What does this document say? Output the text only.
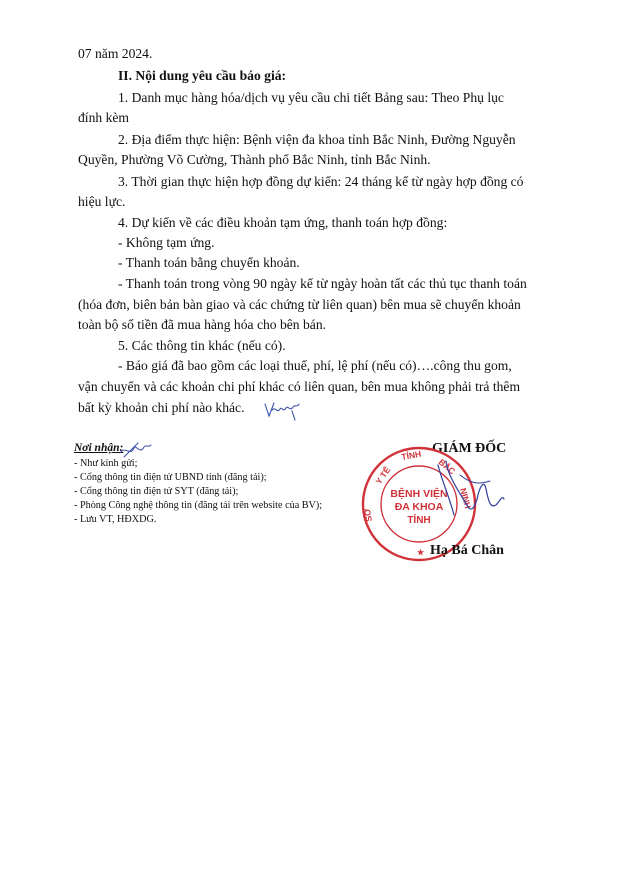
07 năm 2024.

II. Nội dung yêu cầu báo giá:

1. Danh mục hàng hóa/dịch vụ yêu cầu chi tiết Bảng sau: Theo Phụ lục

đính kèm

2. Địa điểm thực hiện: Bệnh viện đa khoa tỉnh Bắc Ninh, Đường Nguyễn

Quyền, Phường Võ Cường, Thành phố Bắc Ninh, tỉnh Bắc Ninh.

3. Thời gian thực hiện hợp đồng dự kiến: 24 tháng kể từ ngày hợp đồng có

hiệu lực.

4. Dự kiến về các điều khoản tạm ứng, thanh toán hợp đồng:

- Không tạm ứng.

- Thanh toán bằng chuyển khoản.

- Thanh toán trong vòng 90 ngày kể từ ngày hoàn tất các thủ tục thanh toán

(hóa đơn, biên bản bàn giao và các chứng từ liên quan) bên mua sẽ chuyển khoản

toàn bộ số tiền đã mua hàng hóa cho bên bán.

5. Các thông tin khác (nếu có).

- Báo giá đã bao gồm các loại thuế, phí, lệ phí (nếu có)….công thu gom,

vận chuyển và các khoản chi phí khác có liên quan, bên mua không phải trả thêm

bất kỳ khoản chi phí nào khác.

Nơi nhận:

- Như kính gửi;

- Cổng thông tin điện tử UBND tỉnh (đăng tải);

- Cổng thông tin điện tử SYT (đăng tải);

- Phòng Công nghệ thông tin (đăng tải trên website của BV);

- Lưu VT, HĐXDG.

GIÁM ĐỐC
BỆNH VIỆN
ĐA KHOA
TỈNH
Y TẾ
TỈNH
BẮC
NINH
SỞ
★ Hạ Bá Chân
